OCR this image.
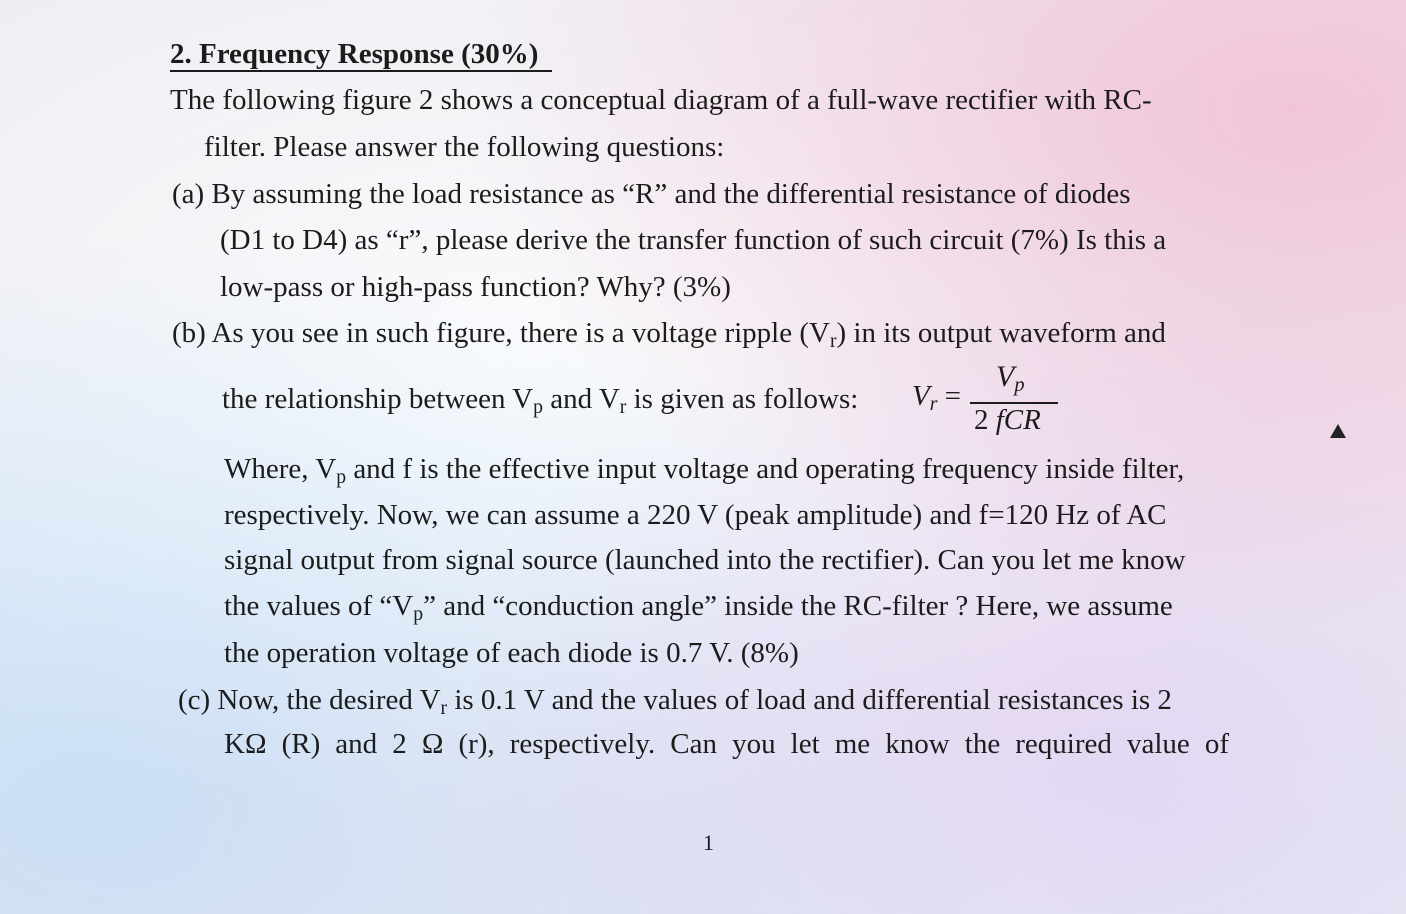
2. Frequency Response (30%)
The following figure 2 shows a conceptual diagram of a full-wave rectifier with RC-
filter. Please answer the following questions:
(a) By assuming the load resistance as “R” and the differential resistance of diodes
(D1 to D4) as “r”, please derive the transfer function of such circuit (7%) Is this a
low-pass or high-pass function? Why? (3%)
(b) As you see in such figure, there is a voltage ripple $(V_r)$ in its output waveform and
the relationship between $V_p$ and $V_r$ is given as follows: $V_r$ =
$V_p$
2 fCR
Where, $V_p$ and f is the effective input voltage and operating frequency inside filter,
respectively. Now, we can assume a 220 V (peak amplitude) and f=120 Hz of AC
signal output from signal source (launched into the rectifier). Can you let me know
the values of “$V_p$” and “conduction angle” inside the RC-filter ? Here, we assume
the operation voltage of each diode is 0.7 V. (8%)
(c) Now, the desired $V_r$ is 0.1 V and the values of load and differential resistances is 2
KΩ (R) and 2 Ω (r), respectively. Can you let me know the required value of
1
